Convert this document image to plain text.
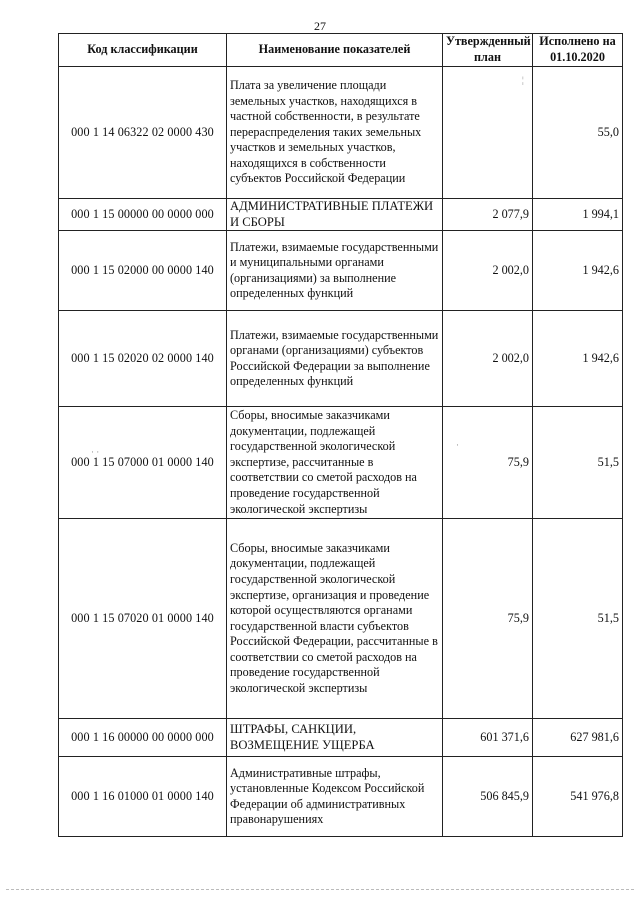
27
Код классификации	Наименование показателей	Утвержденный план	Исполнено на 01.10.2020
000 1 14 06322 02 0000 430	Плата за увеличение площади земельных участков, находящихся в частной собственности, в результате перераспределения таких земельных участков и земельных участков, находящихся в собственности субъектов Российской Федерации		55,0
000 1 15 00000 00 0000 000	АДМИНИСТРАТИВНЫЕ ПЛАТЕЖИ И СБОРЫ	2 077,9	1 994,1
000 1 15 02000 00 0000 140	Платежи, взимаемые государственными и муниципальными органами (организациями) за выполнение определенных функций	2 002,0	1 942,6
000 1 15 02020 02 0000 140	Платежи, взимаемые государственными органами (организациями) субъектов Российской Федерации за выполнение определенных функций	2 002,0	1 942,6
000 1 15 07000 01 0000 140	Сборы, вносимые заказчиками документации, подлежащей государственной экологической экспертизе, рассчитанные в соответствии со сметой расходов на проведение государственной экологической экспертизы	75,9	51,5
000 1 15 07020 01 0000 140	Сборы, вносимые заказчиками документации, подлежащей государственной экологической экспертизе, организация и проведение которой осуществляются органами государственной власти субъектов Российской Федерации, рассчитанные в соответствии со сметой расходов на проведение государственной экологической экспертизы	75,9	51,5
000 1 16 00000 00 0000 000	ШТРАФЫ, САНКЦИИ, ВОЗМЕЩЕНИЕ УЩЕРБА	601 371,6	627 981,6
000 1 16 01000 01 0000 140	Административные штрафы, установленные Кодексом Российской Федерации об административных правонарушениях	506 845,9	541 976,8
¦
·
· ·
